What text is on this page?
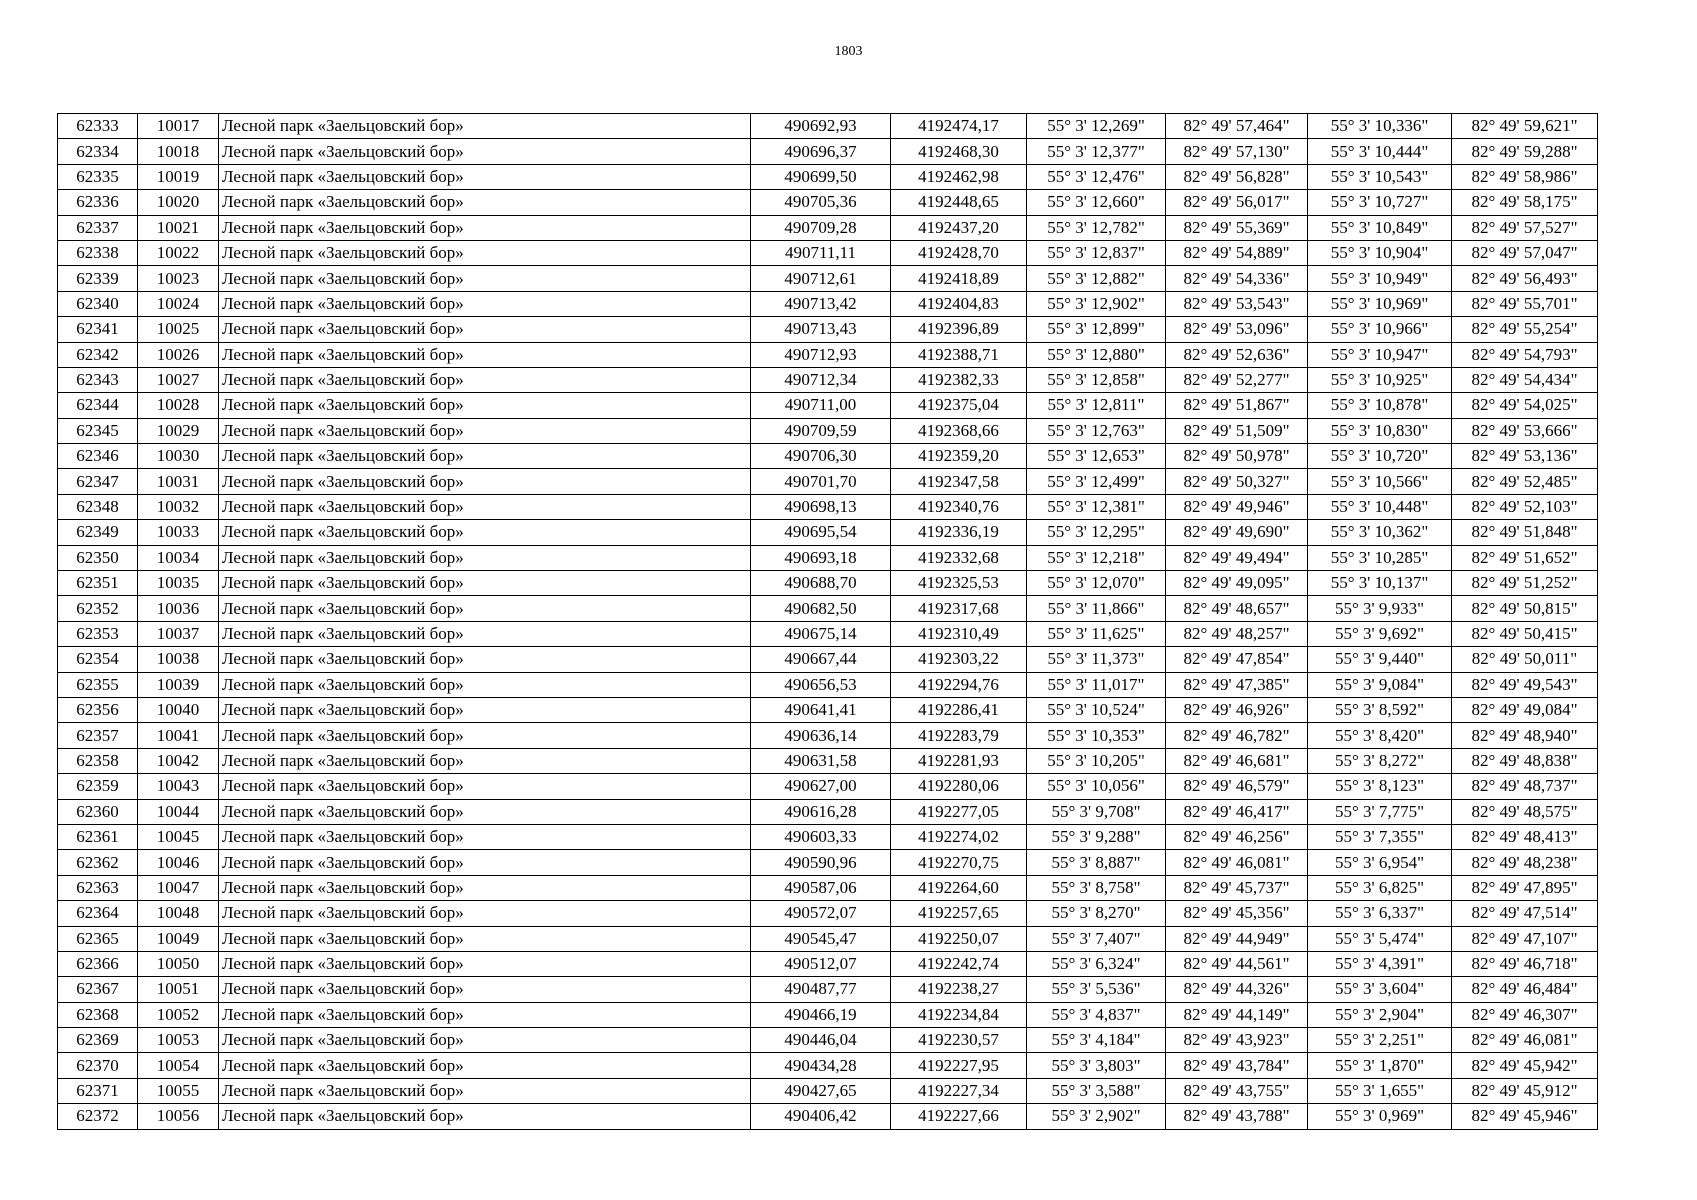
1803
62333	10017	Лесной парк «Заельцовский бор»	490692,93	4192474,17	55° 3' 12,269"	82° 49' 57,464"	55° 3' 10,336"	82° 49' 59,621"
62334	10018	Лесной парк «Заельцовский бор»	490696,37	4192468,30	55° 3' 12,377"	82° 49' 57,130"	55° 3' 10,444"	82° 49' 59,288"
62335	10019	Лесной парк «Заельцовский бор»	490699,50	4192462,98	55° 3' 12,476"	82° 49' 56,828"	55° 3' 10,543"	82° 49' 58,986"
62336	10020	Лесной парк «Заельцовский бор»	490705,36	4192448,65	55° 3' 12,660"	82° 49' 56,017"	55° 3' 10,727"	82° 49' 58,175"
62337	10021	Лесной парк «Заельцовский бор»	490709,28	4192437,20	55° 3' 12,782"	82° 49' 55,369"	55° 3' 10,849"	82° 49' 57,527"
62338	10022	Лесной парк «Заельцовский бор»	490711,11	4192428,70	55° 3' 12,837"	82° 49' 54,889"	55° 3' 10,904"	82° 49' 57,047"
62339	10023	Лесной парк «Заельцовский бор»	490712,61	4192418,89	55° 3' 12,882"	82° 49' 54,336"	55° 3' 10,949"	82° 49' 56,493"
62340	10024	Лесной парк «Заельцовский бор»	490713,42	4192404,83	55° 3' 12,902"	82° 49' 53,543"	55° 3' 10,969"	82° 49' 55,701"
62341	10025	Лесной парк «Заельцовский бор»	490713,43	4192396,89	55° 3' 12,899"	82° 49' 53,096"	55° 3' 10,966"	82° 49' 55,254"
62342	10026	Лесной парк «Заельцовский бор»	490712,93	4192388,71	55° 3' 12,880"	82° 49' 52,636"	55° 3' 10,947"	82° 49' 54,793"
62343	10027	Лесной парк «Заельцовский бор»	490712,34	4192382,33	55° 3' 12,858"	82° 49' 52,277"	55° 3' 10,925"	82° 49' 54,434"
62344	10028	Лесной парк «Заельцовский бор»	490711,00	4192375,04	55° 3' 12,811"	82° 49' 51,867"	55° 3' 10,878"	82° 49' 54,025"
62345	10029	Лесной парк «Заельцовский бор»	490709,59	4192368,66	55° 3' 12,763"	82° 49' 51,509"	55° 3' 10,830"	82° 49' 53,666"
62346	10030	Лесной парк «Заельцовский бор»	490706,30	4192359,20	55° 3' 12,653"	82° 49' 50,978"	55° 3' 10,720"	82° 49' 53,136"
62347	10031	Лесной парк «Заельцовский бор»	490701,70	4192347,58	55° 3' 12,499"	82° 49' 50,327"	55° 3' 10,566"	82° 49' 52,485"
62348	10032	Лесной парк «Заельцовский бор»	490698,13	4192340,76	55° 3' 12,381"	82° 49' 49,946"	55° 3' 10,448"	82° 49' 52,103"
62349	10033	Лесной парк «Заельцовский бор»	490695,54	4192336,19	55° 3' 12,295"	82° 49' 49,690"	55° 3' 10,362"	82° 49' 51,848"
62350	10034	Лесной парк «Заельцовский бор»	490693,18	4192332,68	55° 3' 12,218"	82° 49' 49,494"	55° 3' 10,285"	82° 49' 51,652"
62351	10035	Лесной парк «Заельцовский бор»	490688,70	4192325,53	55° 3' 12,070"	82° 49' 49,095"	55° 3' 10,137"	82° 49' 51,252"
62352	10036	Лесной парк «Заельцовский бор»	490682,50	4192317,68	55° 3' 11,866"	82° 49' 48,657"	55° 3' 9,933"	82° 49' 50,815"
62353	10037	Лесной парк «Заельцовский бор»	490675,14	4192310,49	55° 3' 11,625"	82° 49' 48,257"	55° 3' 9,692"	82° 49' 50,415"
62354	10038	Лесной парк «Заельцовский бор»	490667,44	4192303,22	55° 3' 11,373"	82° 49' 47,854"	55° 3' 9,440"	82° 49' 50,011"
62355	10039	Лесной парк «Заельцовский бор»	490656,53	4192294,76	55° 3' 11,017"	82° 49' 47,385"	55° 3' 9,084"	82° 49' 49,543"
62356	10040	Лесной парк «Заельцовский бор»	490641,41	4192286,41	55° 3' 10,524"	82° 49' 46,926"	55° 3' 8,592"	82° 49' 49,084"
62357	10041	Лесной парк «Заельцовский бор»	490636,14	4192283,79	55° 3' 10,353"	82° 49' 46,782"	55° 3' 8,420"	82° 49' 48,940"
62358	10042	Лесной парк «Заельцовский бор»	490631,58	4192281,93	55° 3' 10,205"	82° 49' 46,681"	55° 3' 8,272"	82° 49' 48,838"
62359	10043	Лесной парк «Заельцовский бор»	490627,00	4192280,06	55° 3' 10,056"	82° 49' 46,579"	55° 3' 8,123"	82° 49' 48,737"
62360	10044	Лесной парк «Заельцовский бор»	490616,28	4192277,05	55° 3' 9,708"	82° 49' 46,417"	55° 3' 7,775"	82° 49' 48,575"
62361	10045	Лесной парк «Заельцовский бор»	490603,33	4192274,02	55° 3' 9,288"	82° 49' 46,256"	55° 3' 7,355"	82° 49' 48,413"
62362	10046	Лесной парк «Заельцовский бор»	490590,96	4192270,75	55° 3' 8,887"	82° 49' 46,081"	55° 3' 6,954"	82° 49' 48,238"
62363	10047	Лесной парк «Заельцовский бор»	490587,06	4192264,60	55° 3' 8,758"	82° 49' 45,737"	55° 3' 6,825"	82° 49' 47,895"
62364	10048	Лесной парк «Заельцовский бор»	490572,07	4192257,65	55° 3' 8,270"	82° 49' 45,356"	55° 3' 6,337"	82° 49' 47,514"
62365	10049	Лесной парк «Заельцовский бор»	490545,47	4192250,07	55° 3' 7,407"	82° 49' 44,949"	55° 3' 5,474"	82° 49' 47,107"
62366	10050	Лесной парк «Заельцовский бор»	490512,07	4192242,74	55° 3' 6,324"	82° 49' 44,561"	55° 3' 4,391"	82° 49' 46,718"
62367	10051	Лесной парк «Заельцовский бор»	490487,77	4192238,27	55° 3' 5,536"	82° 49' 44,326"	55° 3' 3,604"	82° 49' 46,484"
62368	10052	Лесной парк «Заельцовский бор»	490466,19	4192234,84	55° 3' 4,837"	82° 49' 44,149"	55° 3' 2,904"	82° 49' 46,307"
62369	10053	Лесной парк «Заельцовский бор»	490446,04	4192230,57	55° 3' 4,184"	82° 49' 43,923"	55° 3' 2,251"	82° 49' 46,081"
62370	10054	Лесной парк «Заельцовский бор»	490434,28	4192227,95	55° 3' 3,803"	82° 49' 43,784"	55° 3' 1,870"	82° 49' 45,942"
62371	10055	Лесной парк «Заельцовский бор»	490427,65	4192227,34	55° 3' 3,588"	82° 49' 43,755"	55° 3' 1,655"	82° 49' 45,912"
62372	10056	Лесной парк «Заельцовский бор»	490406,42	4192227,66	55° 3' 2,902"	82° 49' 43,788"	55° 3' 0,969"	82° 49' 45,946"
